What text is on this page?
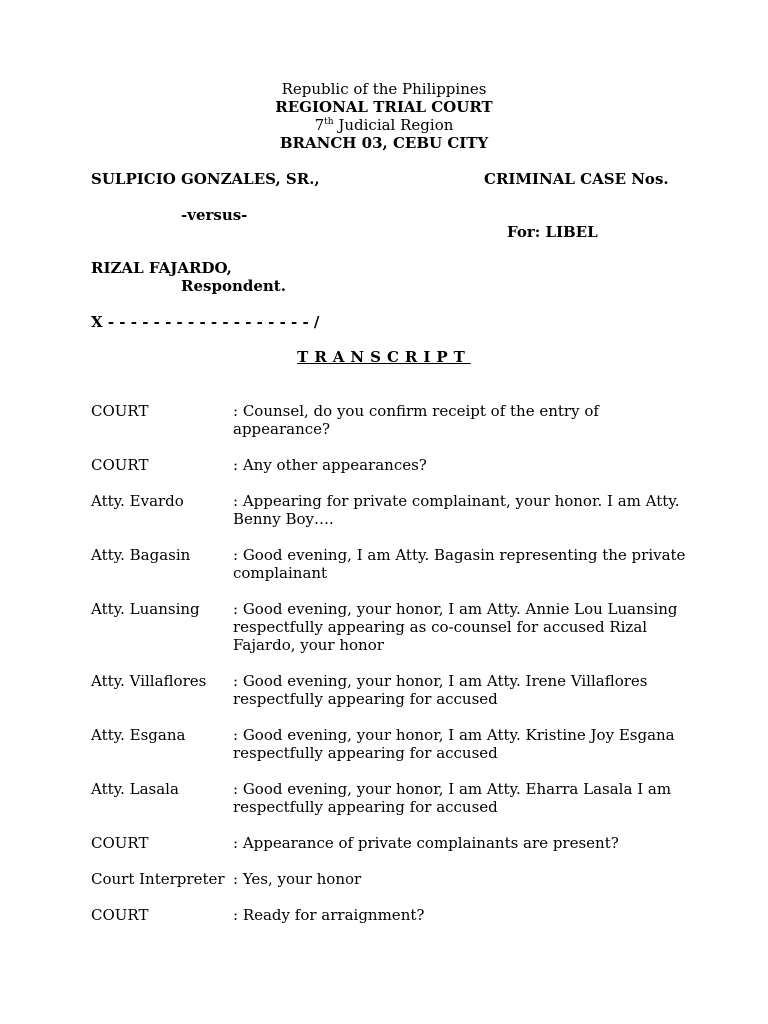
Republic of the Philippines
REGIONAL TRIAL COURT
7th Judicial Region
BRANCH 03, CEBU CITY
SULPICIO GONZALES, SR.,	CRIMINAL CASE Nos.
-versus-
For: LIBEL
RIZAL FAJARDO,
Respondent.
X - - - - - - - - - - - - - - - - - - /
TRANSCRIPT
COURT	: Counsel, do you confirm receipt of the entry of appearance?
COURT	: Any other appearances?
Atty. Evardo	: Appearing for private complainant, your honor. I am Atty. Benny Boy….
Atty. Bagasin	: Good evening, I am Atty. Bagasin representing the private complainant
Atty. Luansing	: Good evening, your honor, I am Atty. Annie Lou Luansing respectfully appearing as co-counsel for accused Rizal Fajardo, your honor
Atty. Villaflores	: Good evening, your honor, I am Atty. Irene Villaflores respectfully appearing for accused
Atty. Esgana	: Good evening, your honor, I am Atty. Kristine Joy Esgana respectfully appearing for accused
Atty. Lasala	: Good evening, your honor, I am Atty. Eharra Lasala I am respectfully appearing for accused
COURT	: Appearance of private complainants are present?
Court Interpreter : Yes, your honor
COURT	: Ready for arraignment?
